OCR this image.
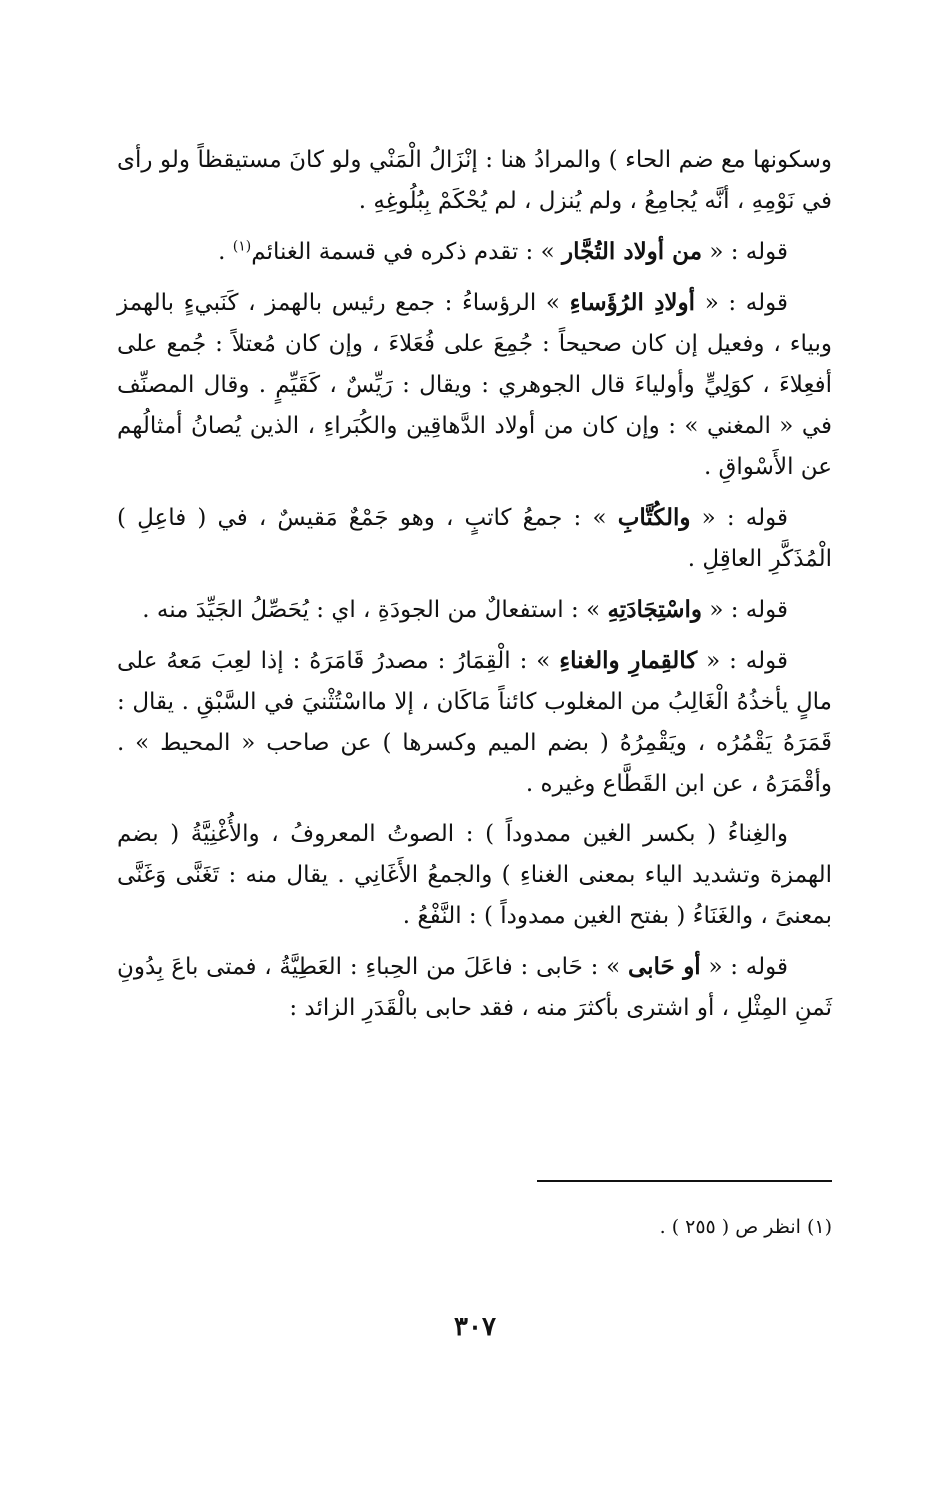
وسكونها مع ضم الحاء ) والمرادُ هنا : إنْزَالُ الْمَنْي ولو كانَ مستيقظاً ولو رأى في نَوْمِهِ ، أنَّه يُجامِعُ ، ولم يُنزل ، لم يُحْكَمْ بِبُلُوغِهِ .

قوله : « من أولاد التُجَّار » : تقدم ذكره في قسمة الغنائم$^{(١)}$ .

قوله : « أولادِ الرُؤَساءِ » الرؤساءُ : جمع رئيس بالهمز ، كَنَبيءٍ بالهمز وبياء ، وفعيل إن كان صحيحاً : جُمِعَ على فُعَلاءَ ، وإن كان مُعتلاً : جُمع على أفعِلاءَ ، كوَلِيٍّ وأولياءَ قال الجوهري : ويقال : رَيِّسٌ ، كَقَيِّمٍ . وقال المصنِّف في « المغني » : وإن كان من أولاد الدَّهاقِين والكُبَراءِ ، الذين يُصانُ أمثالُهم عن الأَسْواقِ .

قوله : « والكُتَّابِ » : جمعُ كاتبٍ ، وهو جَمْعٌ مَقيسٌ ، في ( فاعِلِ ) الْمُذَكَّرِ العاقِلِ .

قوله : « واسْتِجَادَتِهِ » : استفعالٌ من الجودَةِ ، اي : يُحَصِّلُ الجَيِّدَ منه .

قوله : « كالقِمارِ والغناءِ » : الْقِمَارُ : مصدرُ قَامَرَهُ : إذا لعِبَ مَعهُ على مالٍ يأخذُهُ الْغَالِبُ من المغلوب كائناً مَاكَان ، إلا مااسْتُثْنيَ في السَّبْقِ . يقال : قَمَرَهُ يَقْمُرُه ، ويَقْمِرُهُ ( بضم الميم وكسرها ) عن صاحب « المحيط » . وأقْمَرَهُ ، عن ابن القَطَّاع وغيره .

والغِناءُ ( بكسر الغين ممدوداً ) : الصوتُ المعروفُ ، والأُغْنِيَّةُ ( بضم الهمزة وتشديد الياء بمعنى الغناءِ ) والجمعُ الأَغَانِي . يقال منه : تَغَنَّى وَغَنَّى بمعنىً ، والغَنَاءُ ( بفتح الغين ممدوداً ) : النَّفْعُ .

قوله : « أو حَابى » : حَابى : فاعَلَ من الحِباءِ : العَطِيَّةُ ، فمتى باعَ بِدُونِ ثَمنِ المِثْلِ ، أو اشترى بأكثرَ منه ، فقد حابى بالْقَدَرِ الزائد :

(١) انظر ص ( ٢٥٥ ) .
٣٠٧
